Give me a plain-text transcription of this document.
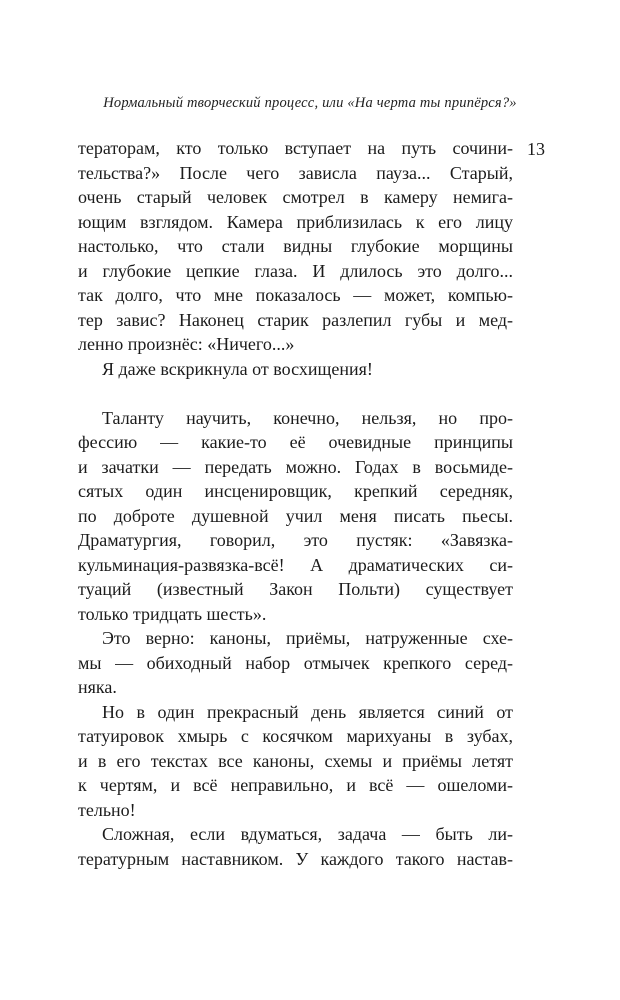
Нормальный творческий процесс, или «На черта ты припёрся?»
13

тераторам, кто только вступает на путь сочини-
тельства?» После чего зависла пауза... Старый,
очень старый человек смотрел в камеру немига-
ющим взглядом. Камера приблизилась к его лицу
настолько, что стали видны глубокие морщины
и глубокие цепкие глаза. И длилось это долго...
так долго, что мне показалось — может, компью-
тер завис? Наконец старик разлепил губы и мед-
ленно произнёс: «Ничего...»

Я даже вскрикнула от восхищения!

Таланту научить, конечно, нельзя, но про-
фессию — какие-то её очевидные принципы
и зачатки — передать можно. Годах в восьмиде-
сятых один инсценировщик, крепкий середняк,
по доброте душевной учил меня писать пьесы.
Драматургия, говорил, это пустяк: «Завязка-
кульминация-развязка-всё! А драматических си-
туаций (известный Закон Польти) существует
только тридцать шесть».

Это верно: каноны, приёмы, натруженные схе-
мы — обиходный набор отмычек крепкого серед-
няка.

Но в один прекрасный день является синий от
татуировок хмырь с косячком марихуаны в зубах,
и в его текстах все каноны, схемы и приёмы летят
к чертям, и всё неправильно, и всё — ошеломи-
тельно!

Сложная, если вдуматься, задача — быть ли-
тературным наставником. У каждого такого настав-
